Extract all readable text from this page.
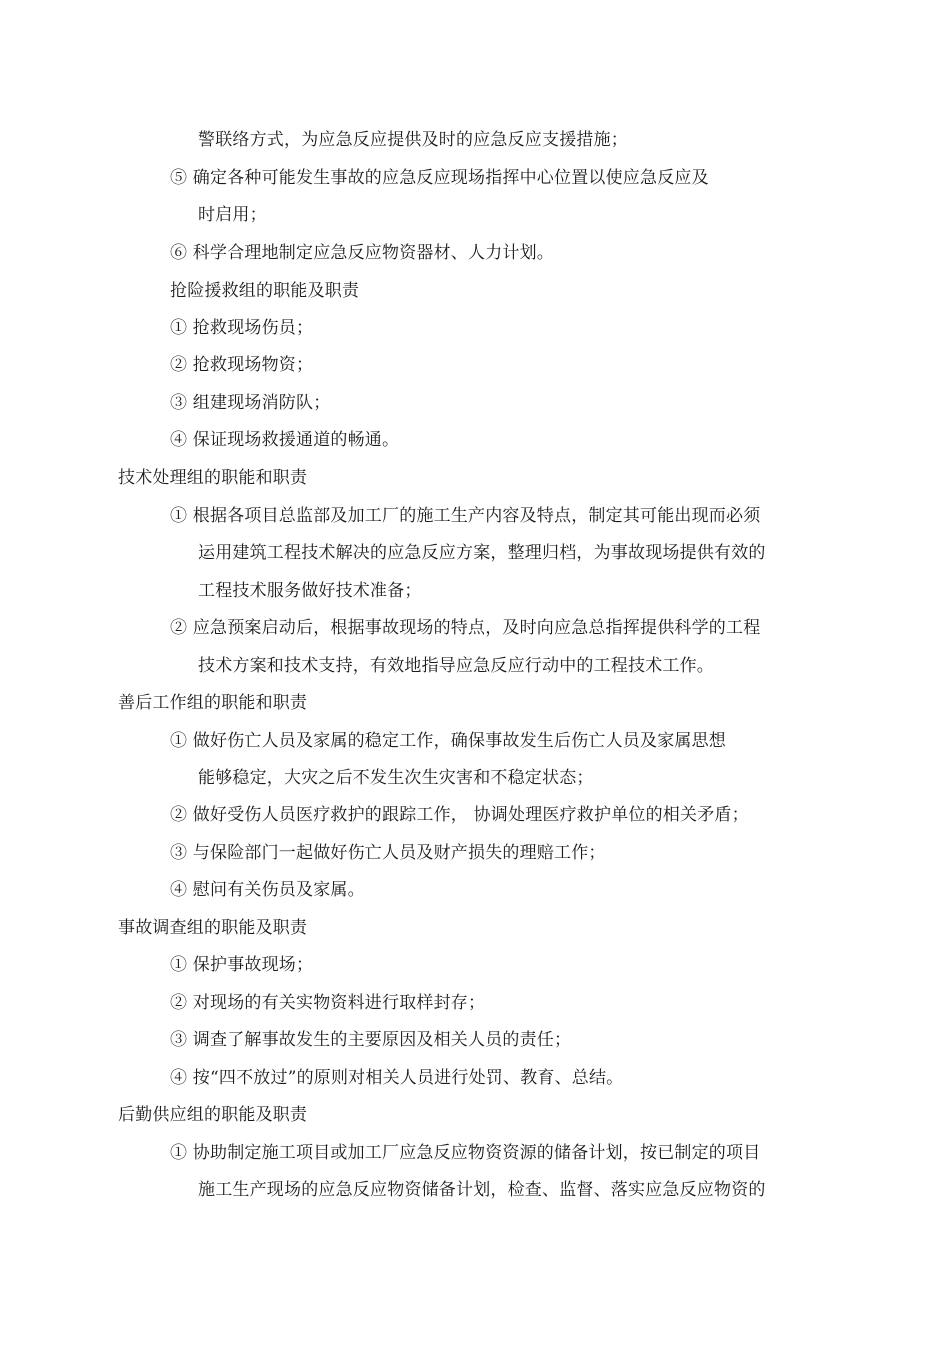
警联络方式，为应急反应提供及时的应急反应支援措施；
⑤ 确定各种可能发生事故的应急反应现场指挥中心位置以使应急反应及
时启用；
⑥ 科学合理地制定应急反应物资器材、人力计划。
抢险援救组的职能及职责
① 抢救现场伤员；
② 抢救现场物资；
③ 组建现场消防队；
④ 保证现场救援通道的畅通。
技术处理组的职能和职责
① 根据各项目总监部及加工厂的施工生产内容及特点，制定其可能出现而必须
运用建筑工程技术解决的应急反应方案，整理归档，为事故现场提供有效的
工程技术服务做好技术准备；
② 应急预案启动后，根据事故现场的特点，及时向应急总指挥提供科学的工程
技术方案和技术支持，有效地指导应急反应行动中的工程技术工作。
善后工作组的职能和职责
① 做好伤亡人员及家属的稳定工作，确保事故发生后伤亡人员及家属思想
能够稳定，大灾之后不发生次生灾害和不稳定状态；
② 做好受伤人员医疗救护的跟踪工作， 协调处理医疗救护单位的相关矛盾；
③ 与保险部门一起做好伤亡人员及财产损失的理赔工作；
④ 慰问有关伤员及家属。
事故调查组的职能及职责
① 保护事故现场；
② 对现场的有关实物资料进行取样封存；
③ 调查了解事故发生的主要原因及相关人员的责任；
④ 按“四不放过”的原则对相关人员进行处罚、教育、总结。
后勤供应组的职能及职责
① 协助制定施工项目或加工厂应急反应物资资源的储备计划，按已制定的项目
施工生产现场的应急反应物资储备计划，检查、监督、落实应急反应物资的
